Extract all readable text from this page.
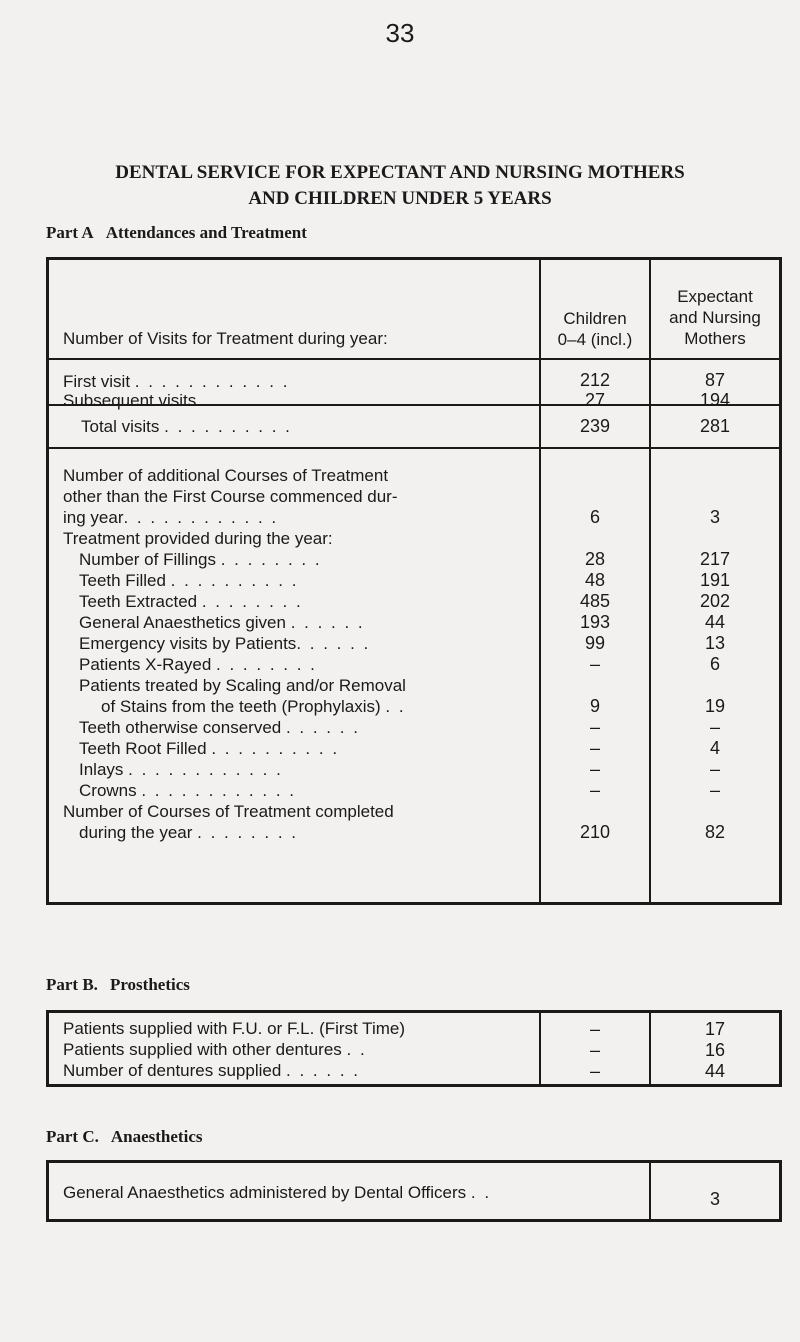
33
DENTAL SERVICE FOR EXPECTANT AND NURSING MOTHERS
AND CHILDREN UNDER 5 YEARS
Part A Attendances and Treatment
Number of Visits for Treatment during year:
Children
0–4 (incl.)
Expectant
and Nursing
Mothers
First visit . . . . . . . . . . . .	212	87
Subsequent visits. . . . . . . . . .	27	194
Total visits . . . . . . . . . .	239	281
Number of additional Courses of Treatment
other than the First Course commenced dur-
ing year. . . . . . . . . . . .	6	3
Treatment provided during the year:
Number of Fillings . . . . . . . .	28	217
Teeth Filled . . . . . . . . . .	48	191
Teeth Extracted . . . . . . . .	485	202
General Anaesthetics given . . . . . .	193	44
Emergency visits by Patients. . . . . .	99	13
Patients X-Rayed . . . . . . . .	–	6
Patients treated by Scaling and/or Removal
of Stains from the teeth (Prophylaxis) . .	9	19
Teeth otherwise conserved . . . . . .	–	–
Teeth Root Filled . . . . . . . . . .	–	4
Inlays . . . . . . . . . . . .	–	–
Crowns . . . . . . . . . . . .	–	–
Number of Courses of Treatment completed
during the year . . . . . . . .	210	82
Part B. Prosthetics
Patients supplied with F.U. or F.L. (First Time)	–	17
Patients supplied with other dentures . .	–	16
Number of dentures supplied . . . . . .	–	44
Part C. Anaesthetics
General Anaesthetics administered by Dental Officers . .	3
